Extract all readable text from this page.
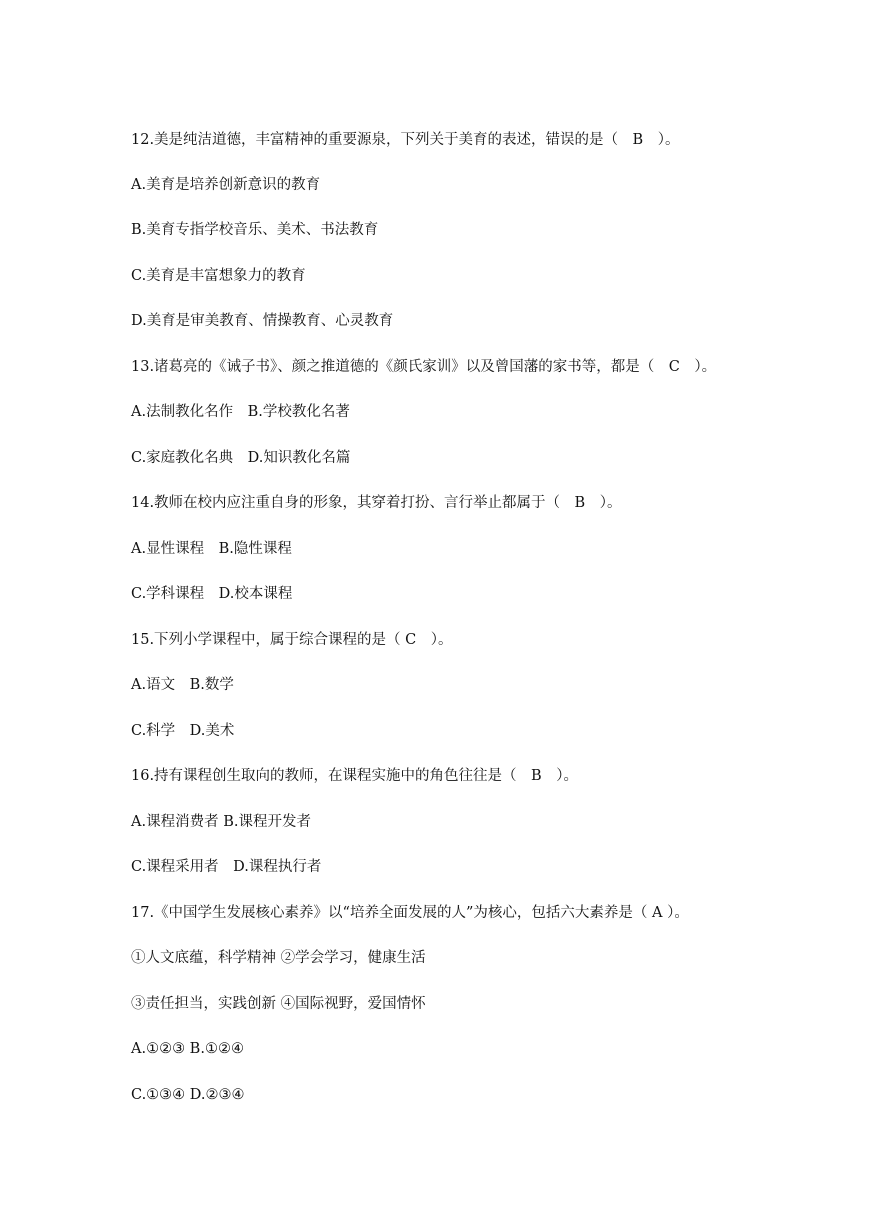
12.美是纯洁道德，丰富精神的重要源泉，下列关于美育的表述，错误的是（　B　）。
A.美育是培养创新意识的教育
B.美育专指学校音乐、美术、书法教育
C.美育是丰富想象力的教育
D.美育是审美教育、情操教育、心灵教育
13.诸葛亮的《诫子书》、颜之推道德的《颜氏家训》以及曾国藩的家书等，都是（　C　）。
A.法制教化名作　B.学校教化名著
C.家庭教化名典　D.知识教化名篇
14.教师在校内应注重自身的形象，其穿着打扮、言行举止都属于（　B　）。
A.显性课程　B.隐性课程
C.学科课程　D.校本课程
15.下列小学课程中，属于综合课程的是（ C　）。
A.语文　B.数学
C.科学　D.美术
16.持有课程创生取向的教师，在课程实施中的角色往往是（　B　）。
A.课程消费者 B.课程开发者
C.课程采用者　D.课程执行者
17.《中国学生发展核心素养》以“培养全面发展的人”为核心，包括六大素养是（ A ）。
①人文底蕴，科学精神 ②学会学习，健康生活
③责任担当，实践创新 ④国际视野，爱国情怀
A.①②③ B.①②④
C.①③④ D.②③④
